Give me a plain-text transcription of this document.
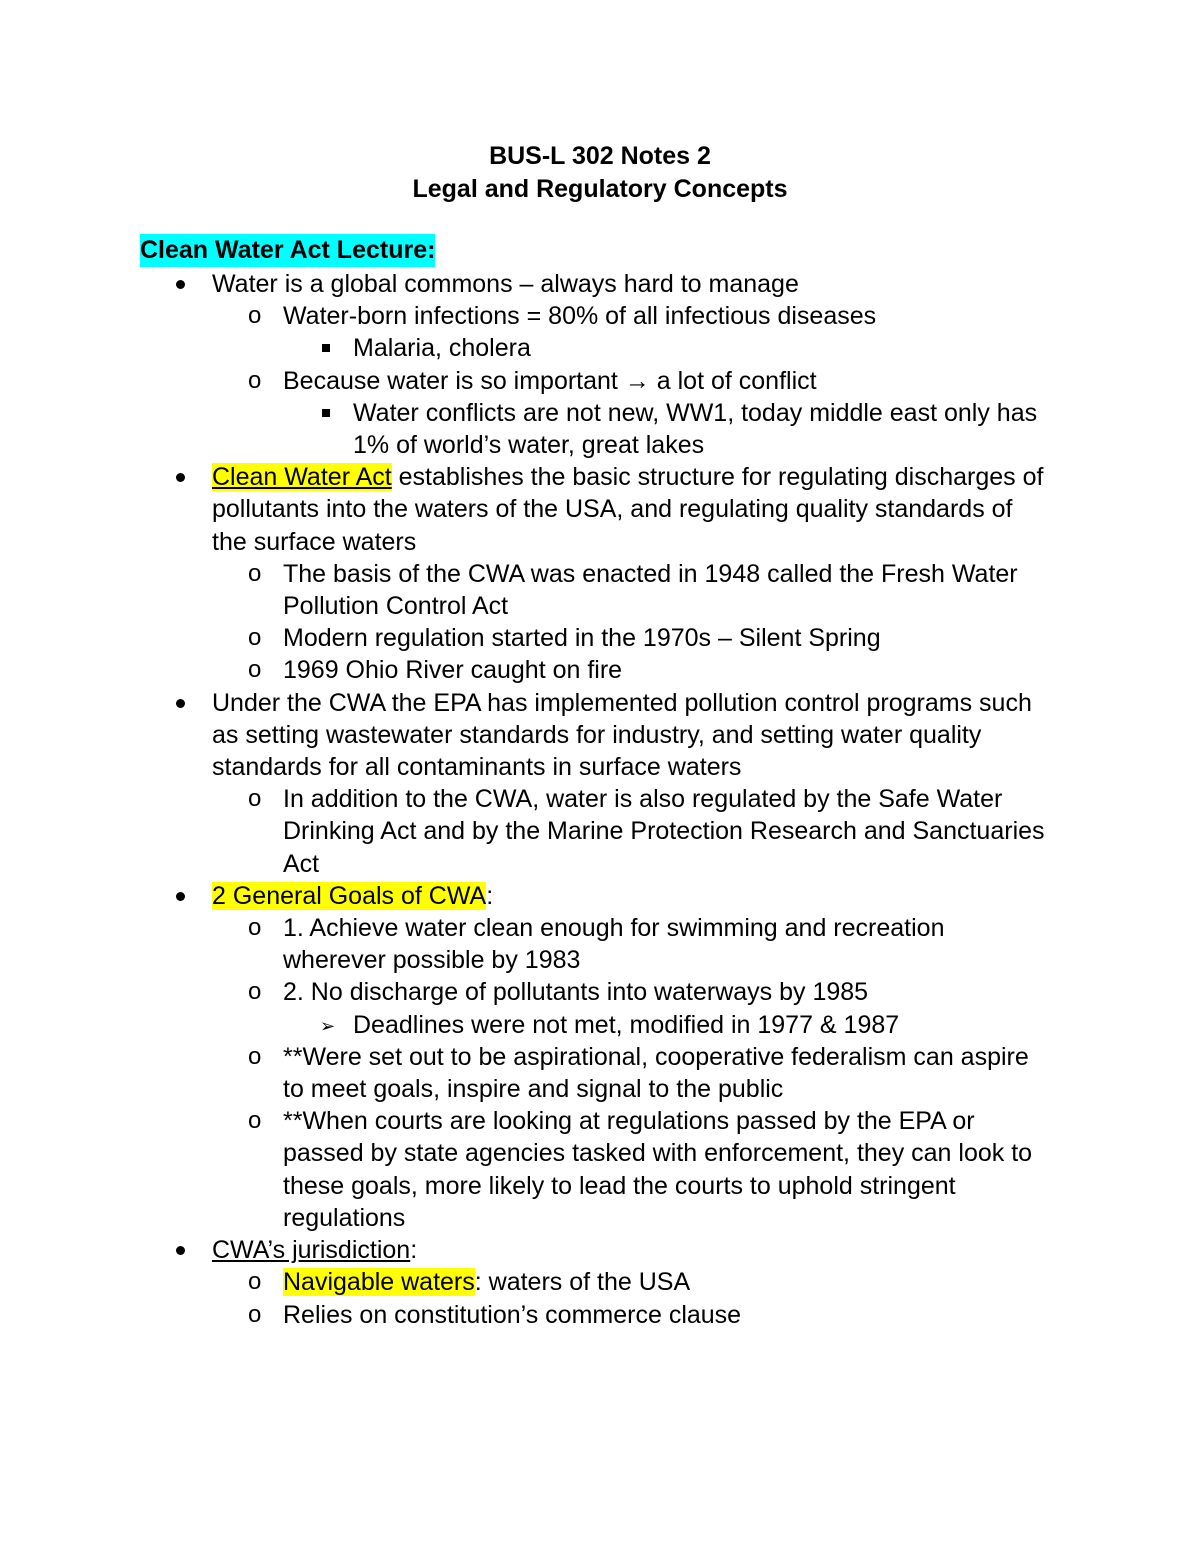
BUS-L 302 Notes 2
Legal and Regulatory Concepts
Clean Water Act Lecture:
Water is a global commons – always hard to manage
o Water-born infections = 80% of all infectious diseases
Malaria, cholera
o Because water is so important → a lot of conflict
Water conflicts are not new, WW1, today middle east only has 1% of world’s water, great lakes
Clean Water Act establishes the basic structure for regulating discharges of pollutants into the waters of the USA, and regulating quality standards of the surface waters
o The basis of the CWA was enacted in 1948 called the Fresh Water Pollution Control Act
o Modern regulation started in the 1970s – Silent Spring
o 1969 Ohio River caught on fire
Under the CWA the EPA has implemented pollution control programs such as setting wastewater standards for industry, and setting water quality standards for all contaminants in surface waters
o In addition to the CWA, water is also regulated by the Safe Water Drinking Act and by the Marine Protection Research and Sanctuaries Act
2 General Goals of CWA:
o 1. Achieve water clean enough for swimming and recreation wherever possible by 1983
o 2. No discharge of pollutants into waterways by 1985
➢ Deadlines were not met, modified in 1977 & 1987
o **Were set out to be aspirational, cooperative federalism can aspire to meet goals, inspire and signal to the public
o **When courts are looking at regulations passed by the EPA or passed by state agencies tasked with enforcement, they can look to these goals, more likely to lead the courts to uphold stringent regulations
CWA’s jurisdiction:
o Navigable waters: waters of the USA
o Relies on constitution’s commerce clause
